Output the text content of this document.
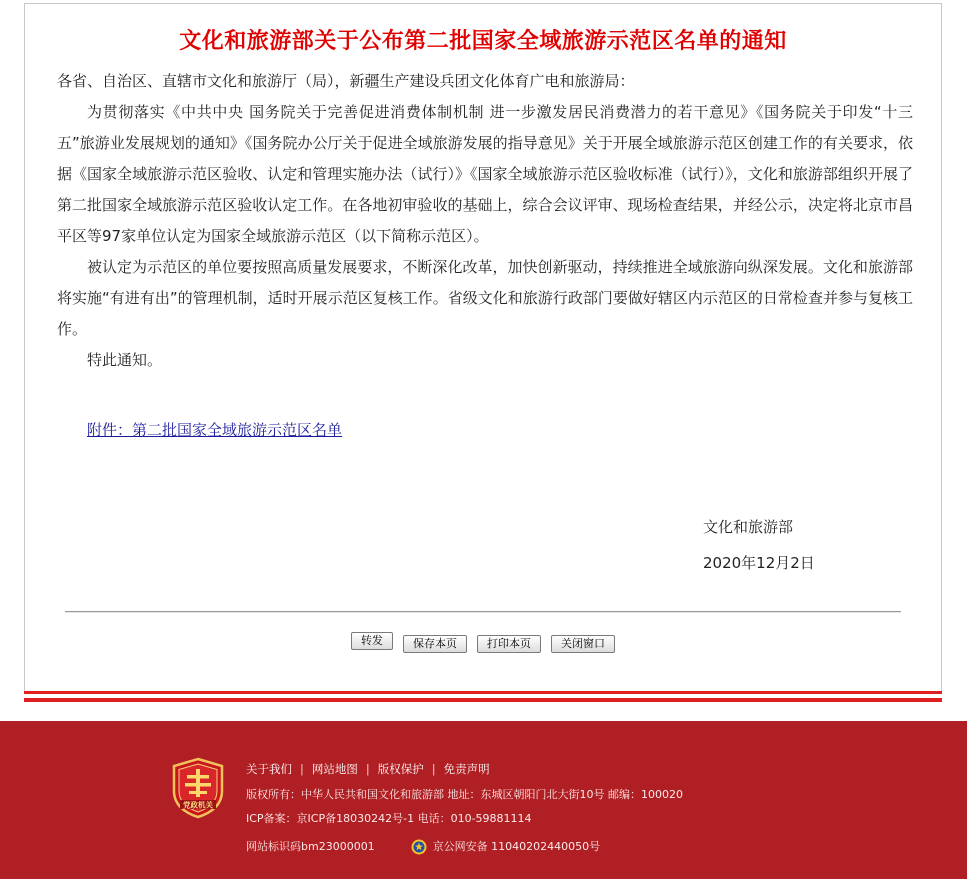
文化和旅游部关于公布第二批国家全域旅游示范区名单的通知

各省、自治区、直辖市文化和旅游厅（局），新疆生产建设兵团文化体育广电和旅游局：

为贯彻落实《中共中央 国务院关于完善促进消费体制机制 进一步激发居民消费潜力的若干意见》《国务院关于印发“十三五”旅游业发展规划的通知》《国务院办公厅关于促进全域旅游发展的指导意见》关于开展全域旅游示范区创建工作的有关要求，依据《国家全域旅游示范区验收、认定和管理实施办法（试行）》《国家全域旅游示范区验收标准（试行）》，文化和旅游部组织开展了第二批国家全域旅游示范区验收认定工作。在各地初审验收的基础上，综合会议评审、现场检查结果，并经公示，决定将北京市昌平区等97家单位认定为国家全域旅游示范区（以下简称示范区）。

被认定为示范区的单位要按照高质量发展要求，不断深化改革，加快创新驱动，持续推进全域旅游向纵深发展。文化和旅游部将实施“有进有出”的管理机制，适时开展示范区复核工作。省级文化和旅游行政部门要做好辖区内示范区的日常检查并参与复核工作。

特此通知。

附件：第二批国家全域旅游示范区名单
文化和旅游部
2020年12月2日
转发	保存本页	打印本页	关闭窗口
党政机关
关于我们 | 网站地图 | 版权保护 | 免责声明
版权所有：中华人民共和国文化和旅游部 地址：东城区朝阳门北大街10号 邮编：100020
ICP备案：京ICP备18030242号-1 电话：010-59881114
网站标识码bm23000001	京公网安备 11040202440050号
